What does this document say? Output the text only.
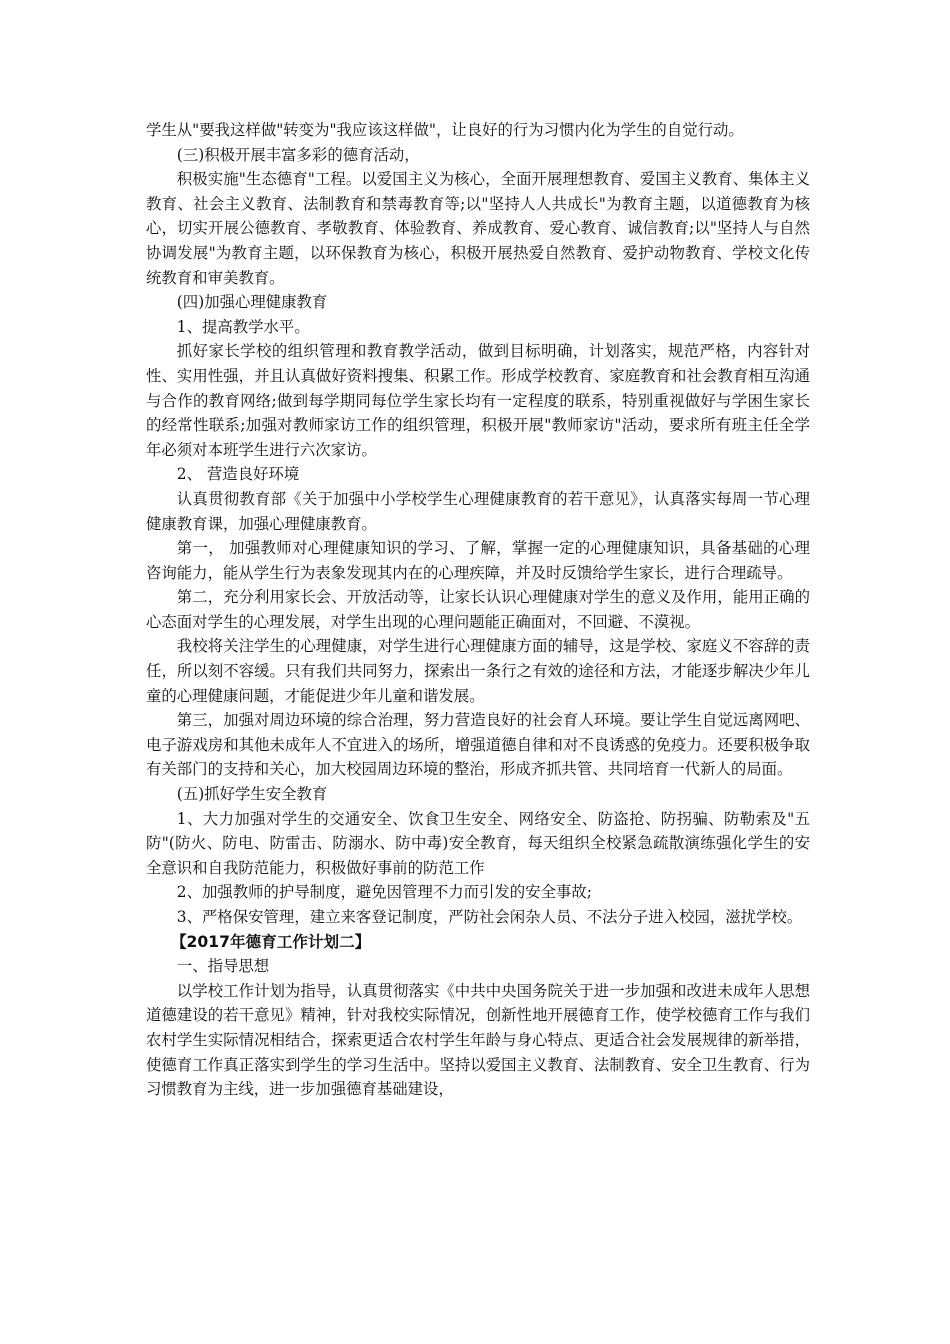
学生从"要我这样做"转变为"我应该这样做"，让良好的行为习惯内化为学生的自觉行动。

(三)积极开展丰富多彩的德育活动，

积极实施"生态德育"工程。以爱国主义为核心，全面开展理想教育、爱国主义教育、集体主义教育、社会主义教育、法制教育和禁毒教育等;以"坚持人人共成长"为教育主题，以道德教育为核心，切实开展公德教育、孝敬教育、体验教育、养成教育、爱心教育、诚信教育;以"坚持人与自然协调发展"为教育主题，以环保教育为核心，积极开展热爱自然教育、爱护动物教育、学校文化传统教育和审美教育。

(四)加强心理健康教育

1、提高教学水平。

抓好家长学校的组织管理和教育教学活动，做到目标明确，计划落实，规范严格，内容针对性、实用性强，并且认真做好资料搜集、积累工作。形成学校教育、家庭教育和社会教育相互沟通与合作的教育网络;做到每学期同每位学生家长均有一定程度的联系，特别重视做好与学困生家长的经常性联系;加强对教师家访工作的组织管理，积极开展"教师家访"活动，要求所有班主任全学年必须对本班学生进行六次家访。

2、 营造良好环境

认真贯彻教育部《关于加强中小学校学生心理健康教育的若干意见》，认真落实每周一节心理健康教育课，加强心理健康教育。

第一， 加强教师对心理健康知识的学习、了解，掌握一定的心理健康知识，具备基础的心理咨询能力，能从学生行为表象发现其内在的心理疾障，并及时反馈给学生家长，进行合理疏导。

第二，充分利用家长会、开放活动等，让家长认识心理健康对学生的意义及作用，能用正确的心态面对学生的心理发展，对学生出现的心理问题能正确面对，不回避、不漠视。

我校将关注学生的心理健康，对学生进行心理健康方面的辅导，这是学校、家庭义不容辞的责任，所以刻不容缓。只有我们共同努力，探索出一条行之有效的途径和方法，才能逐步解决少年儿童的心理健康问题，才能促进少年儿童和谐发展。

第三，加强对周边环境的综合治理，努力营造良好的社会育人环境。要让学生自觉远离网吧、电子游戏房和其他未成年人不宜进入的场所，增强道德自律和对不良诱惑的免疫力。还要积极争取有关部门的支持和关心，加大校园周边环境的整治，形成齐抓共管、共同培育一代新人的局面。

(五)抓好学生安全教育

1、大力加强对学生的交通安全、饮食卫生安全、网络安全、防盗抢、防拐骗、防勒索及"五防"(防火、防电、防雷击、防溺水、防中毒)安全教育，每天组织全校紧急疏散演练强化学生的安全意识和自我防范能力，积极做好事前的防范工作

2、加强教师的护导制度，避免因管理不力而引发的安全事故;

3、严格保安管理，建立来客登记制度，严防社会闲杂人员、不法分子进入校园，滋扰学校。

【2017年德育工作计划二】

一、指导思想

以学校工作计划为指导，认真贯彻落实《中共中央国务院关于进一步加强和改进未成年人思想道德建设的若干意见》精神，针对我校实际情况，创新性地开展德育工作，使学校德育工作与我们农村学生实际情况相结合，探索更适合农村学生年龄与身心特点、更适合社会发展规律的新举措，使德育工作真正落实到学生的学习生活中。坚持以爱国主义教育、法制教育、安全卫生教育、行为习惯教育为主线，进一步加强德育基础建设，
